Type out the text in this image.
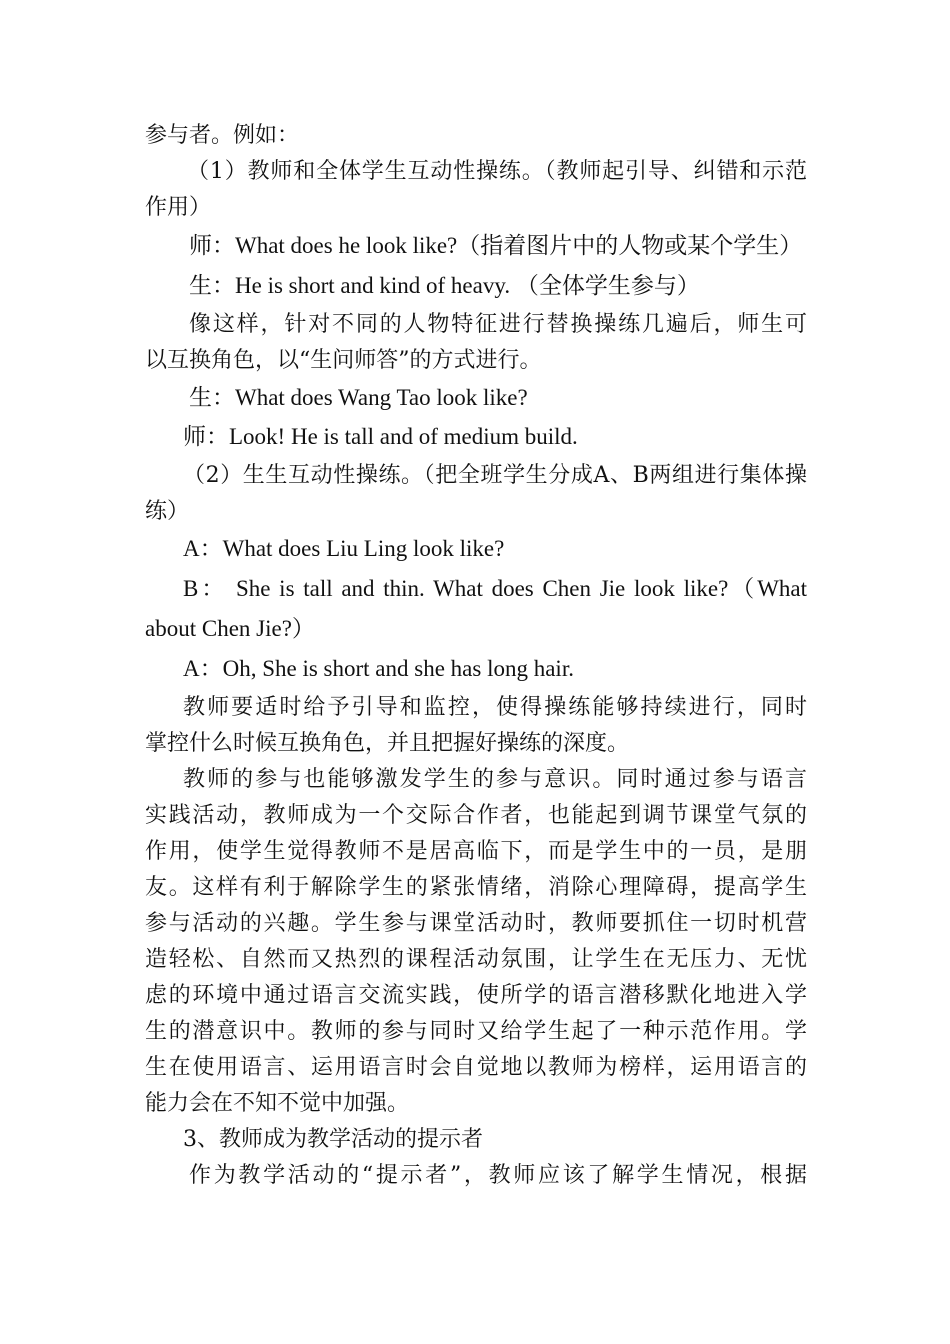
参与者。例如：
（1）教师和全体学生互动性操练。（教师起引导、纠错和示范
作用）
师：What does he look like?（指着图片中的人物或某个学生）
生：He is short and kind of heavy. （全体学生参与）
像这样，针对不同的人物特征进行替换操练几遍后，师生可
以互换角色，以“生问师答”的方式进行。
生：What does Wang Tao look like?
师：Look! He is tall and of medium build.
（2）生生互动性操练。（把全班学生分成A、B两组进行集体操
练）
A：What does Liu Ling look like?
B： She is tall and thin. What does Chen Jie look like?（What
about Chen Jie?）
A：Oh, She is short and she has long hair.
教师要适时给予引导和监控，使得操练能够持续进行，同时
掌控什么时候互换角色，并且把握好操练的深度。
教师的参与也能够激发学生的参与意识。同时通过参与语言
实践活动，教师成为一个交际合作者，也能起到调节课堂气氛的
作用，使学生觉得教师不是居高临下，而是学生中的一员，是朋
友。这样有利于解除学生的紧张情绪，消除心理障碍，提高学生
参与活动的兴趣。学生参与课堂活动时，教师要抓住一切时机营
造轻松、自然而又热烈的课程活动氛围，让学生在无压力、无忧
虑的环境中通过语言交流实践，使所学的语言潜移默化地进入学
生的潜意识中。教师的参与同时又给学生起了一种示范作用。学
生在使用语言、运用语言时会自觉地以教师为榜样，运用语言的
能力会在不知不觉中加强。
3、教师成为教学活动的提示者
作为教学活动的“提示者”，教师应该了解学生情况，根据
